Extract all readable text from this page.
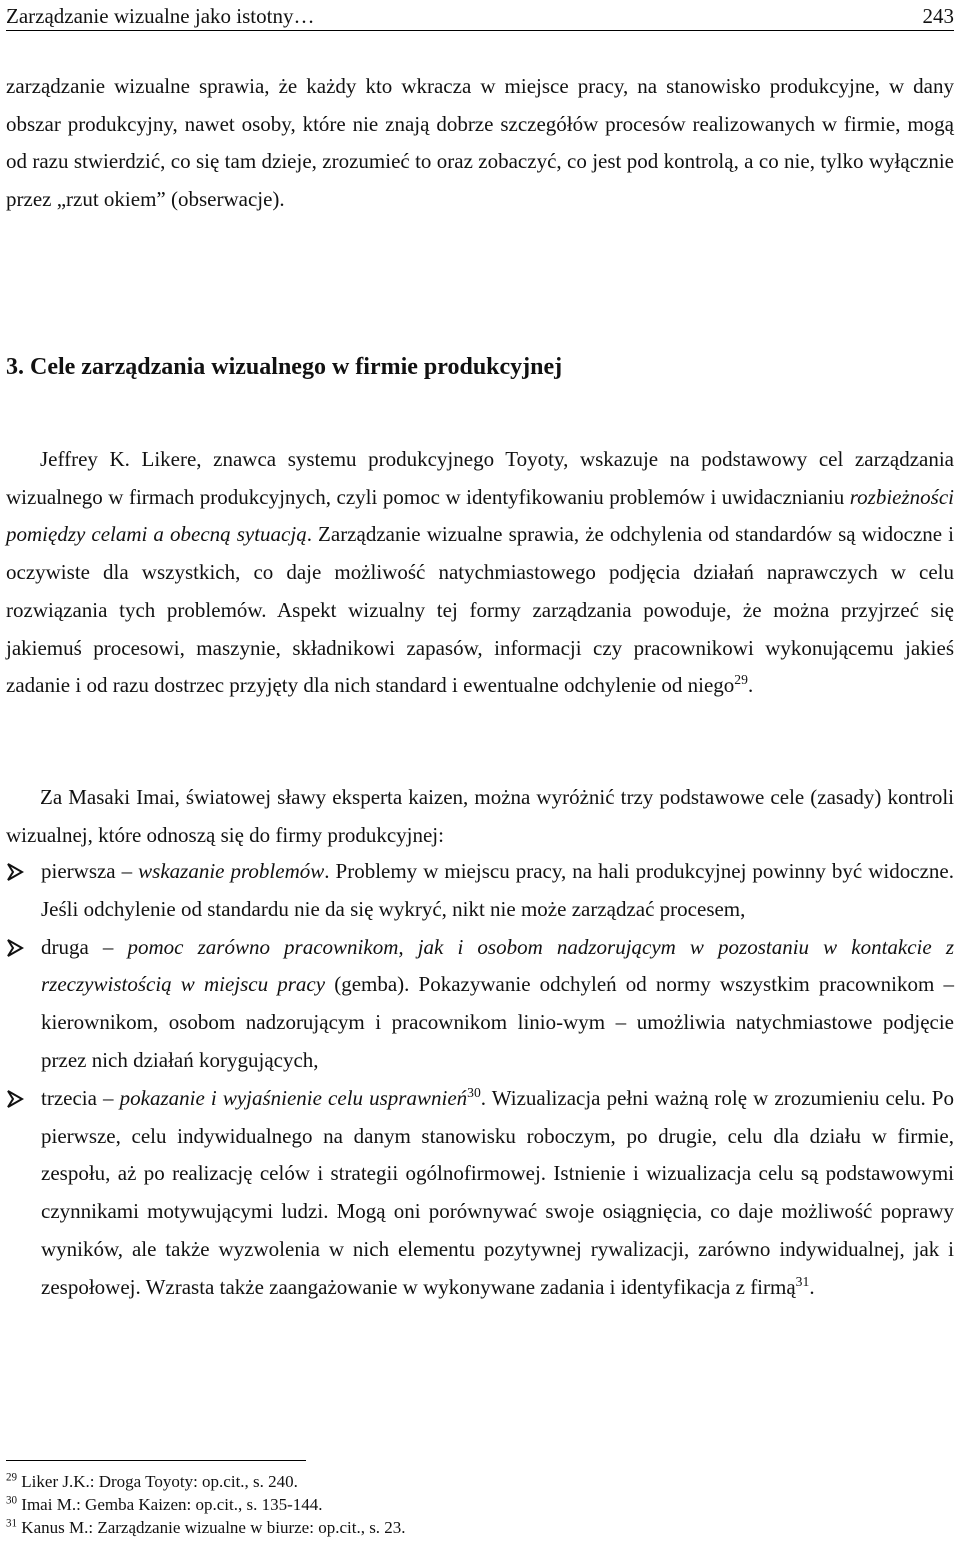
Zarządzanie wizualne jako istotny…	243

zarządzanie wizualne sprawia, że każdy kto wkracza w miejsce pracy, na stanowisko produkcyjne, w dany obszar produkcyjny, nawet osoby, które nie znają dobrze szczegółów procesów realizowanych w firmie, mogą od razu stwierdzić, co się tam dzieje, zrozumieć to oraz zobaczyć, co jest pod kontrolą, a co nie, tylko wyłącznie przez „rzut okiem” (obserwacje).

3. Cele zarządzania wizualnego w firmie produkcyjnej

Jeffrey K. Likere, znawca systemu produkcyjnego Toyoty, wskazuje na podstawowy cel zarządzania wizualnego w firmach produkcyjnych, czyli pomoc w identyfikowaniu problemów i uwidacznianiu rozbieżności pomiędzy celami a obecną sytuacją. Zarządzanie wizualne sprawia, że odchylenia od standardów są widoczne i oczywiste dla wszystkich, co daje możliwość natychmiastowego podjęcia działań naprawczych w celu rozwiązania tych problemów. Aspekt wizualny tej formy zarządzania powoduje, że można przyjrzeć się jakiemuś procesowi, maszynie, składnikowi zapasów, informacji czy pracownikowi wykonującemu jakieś zadanie i od razu dostrzec przyjęty dla nich standard i ewentualne odchylenie od niego$^{29}$.

Za Masaki Imai, światowej sławy eksperta kaizen, można wyróżnić trzy podstawowe cele (zasady) kontroli wizualnej, które odnoszą się do firmy produkcyjnej:

pierwsza – wskazanie problemów. Problemy w miejscu pracy, na hali produkcyjnej powinny być widoczne. Jeśli odchylenie od standardu nie da się wykryć, nikt nie może zarządzać procesem,
druga – pomoc zarówno pracownikom, jak i osobom nadzorującym w pozostaniu w kontakcie z rzeczywistością w miejscu pracy (gemba). Pokazywanie odchyleń od normy wszystkim pracownikom – kierownikom, osobom nadzorującym i pracownikom linio-wym – umożliwia natychmiastowe podjęcie przez nich działań korygujących,
trzecia – pokazanie i wyjaśnienie celu usprawnień$^{30}$. Wizualizacja pełni ważną rolę w zrozumieniu celu. Po pierwsze, celu indywidualnego na danym stanowisku roboczym, po drugie, celu dla działu w firmie, zespołu, aż po realizację celów i strategii ogólnofirmowej. Istnienie i wizualizacja celu są podstawowymi czynnikami motywującymi ludzi. Mogą oni porównywać swoje osiągnięcia, co daje możliwość poprawy wyników, ale także wyzwolenia w nich elementu pozytywnej rywalizacji, zarówno indywidualnej, jak i zespołowej. Wzrasta także zaangażowanie w wykonywane zadania i identyfikacja z firmą$^{31}$.
$^{29}$ Liker J.K.: Droga Toyoty: op.cit., s. 240.
$^{30}$ Imai M.: Gemba Kaizen: op.cit., s. 135-144.
$^{31}$ Kanus M.: Zarządzanie wizualne w biurze: op.cit., s. 23.
